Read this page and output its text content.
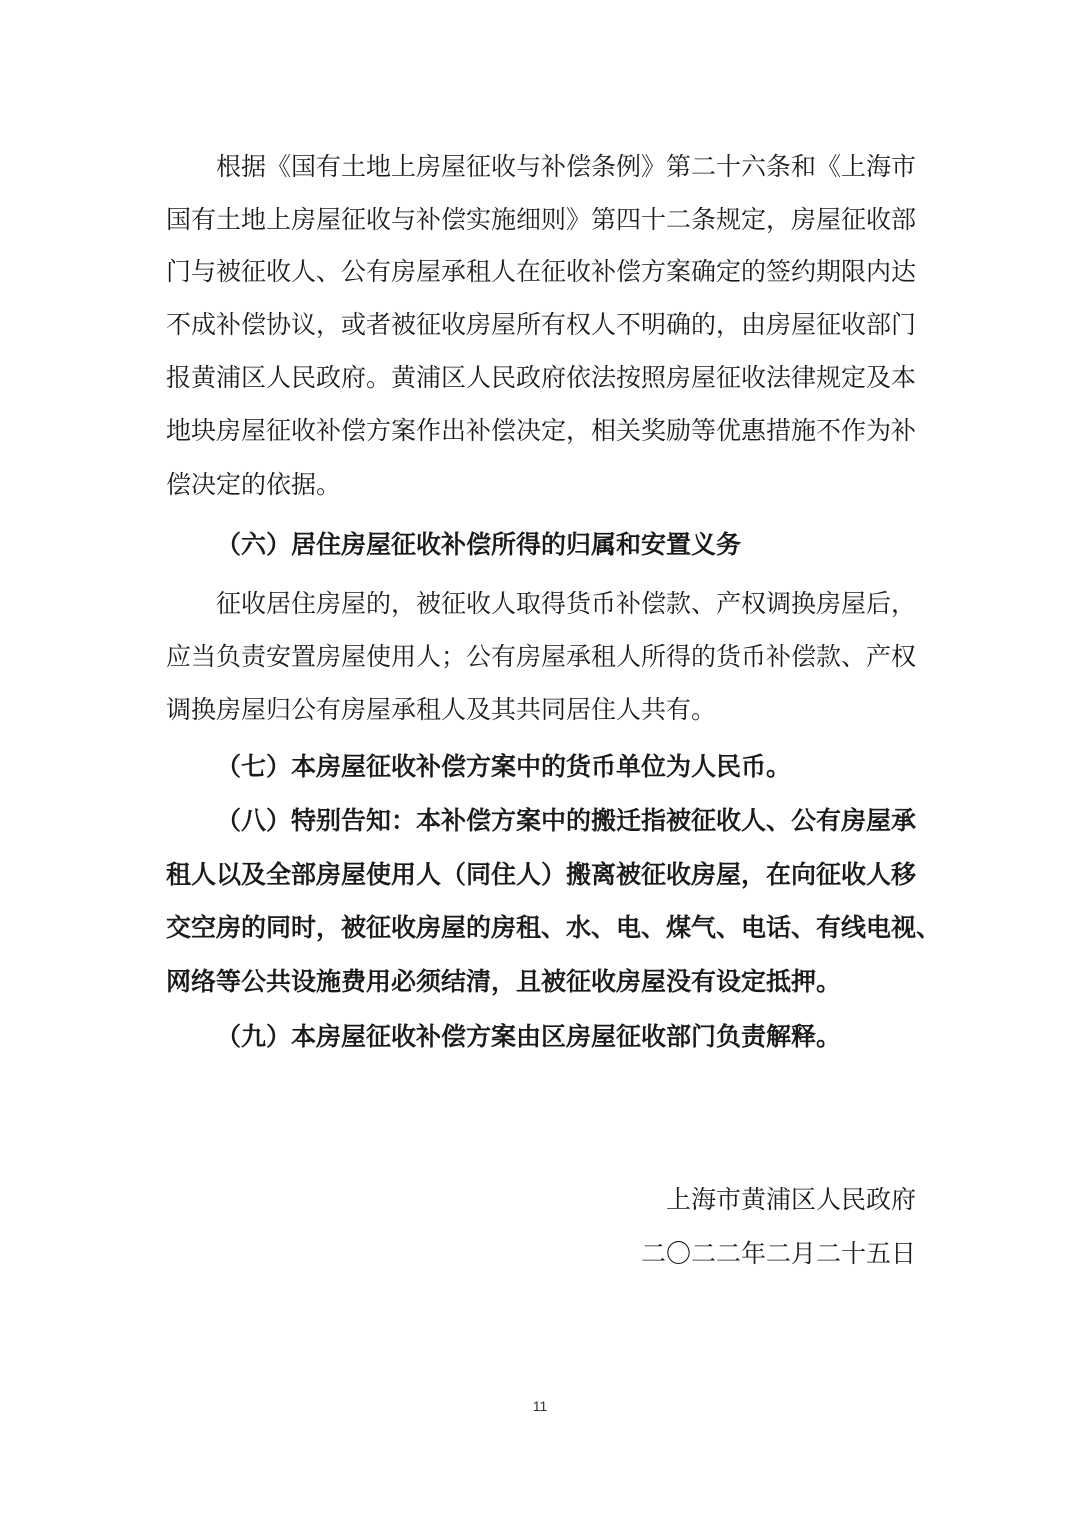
根据《国有土地上房屋征收与补偿条例》第二十六条和《上海市
国有土地上房屋征收与补偿实施细则》第四十二条规定，房屋征收部
门与被征收人、公有房屋承租人在征收补偿方案确定的签约期限内达
不成补偿协议，或者被征收房屋所有权人不明确的，由房屋征收部门
报黄浦区人民政府。黄浦区人民政府依法按照房屋征收法律规定及本
地块房屋征收补偿方案作出补偿决定，相关奖励等优惠措施不作为补
偿决定的依据。
（六）居住房屋征收补偿所得的归属和安置义务
征收居住房屋的，被征收人取得货币补偿款、产权调换房屋后，
应当负责安置房屋使用人；公有房屋承租人所得的货币补偿款、产权
调换房屋归公有房屋承租人及其共同居住人共有。
（七）本房屋征收补偿方案中的货币单位为人民币。
（八）特别告知：本补偿方案中的搬迁指被征收人、公有房屋承
租人以及全部房屋使用人（同住人）搬离被征收房屋，在向征收人移
交空房的同时，被征收房屋的房租、水、电、煤气、电话、有线电视、
网络等公共设施费用必须结清，且被征收房屋没有设定抵押。
（九）本房屋征收补偿方案由区房屋征收部门负责解释。
上海市黄浦区人民政府
二〇二二年二月二十五日
11
